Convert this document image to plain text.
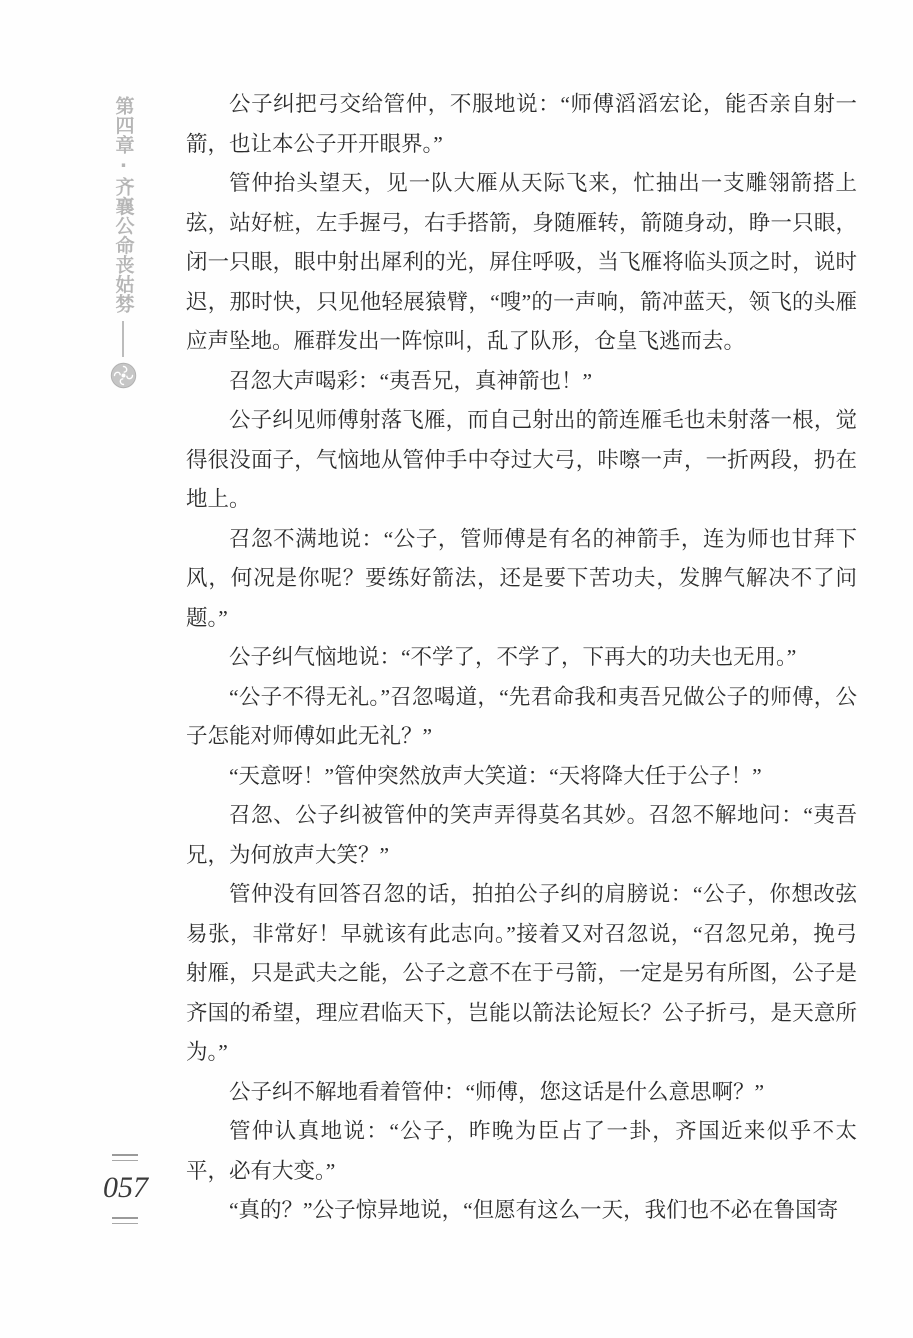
第四章·齐襄公命丧姑棼	公子纠把弓交给管仲，不服地说：“师傅滔滔宏论，能否亲自射一箭，也让本公子开开眼界。”

管仲抬头望天，见一队大雁从天际飞来，忙抽出一支雕翎箭搭上弦，站好桩，左手握弓，右手搭箭，身随雁转，箭随身动，睁一只眼，闭一只眼，眼中射出犀利的光，屏住呼吸，当飞雁将临头顶之时，说时迟，那时快，只见他轻展猿臂，“嗖”的一声响，箭冲蓝天，领飞的头雁应声坠地。雁群发出一阵惊叫，乱了队形，仓皇飞逃而去。

召忽大声喝彩：“夷吾兄，真神箭也！”

公子纠见师傅射落飞雁，而自己射出的箭连雁毛也未射落一根，觉得很没面子，气恼地从管仲手中夺过大弓，咔嚓一声，一折两段，扔在地上。

召忽不满地说：“公子，管师傅是有名的神箭手，连为师也甘拜下风，何况是你呢？要练好箭法，还是要下苦功夫，发脾气解决不了问题。”

公子纠气恼地说：“不学了，不学了，下再大的功夫也无用。”

“公子不得无礼。”召忽喝道，“先君命我和夷吾兄做公子的师傅，公子怎能对师傅如此无礼？”

“天意呀！”管仲突然放声大笑道：“天将降大任于公子！”

召忽、公子纠被管仲的笑声弄得莫名其妙。召忽不解地问：“夷吾兄，为何放声大笑？”

管仲没有回答召忽的话，拍拍公子纠的肩膀说：“公子，你想改弦易张，非常好！早就该有此志向。”接着又对召忽说，“召忽兄弟，挽弓射雁，只是武夫之能，公子之意不在于弓箭，一定是另有所图，公子是齐国的希望，理应君临天下，岂能以箭法论短长？公子折弓，是天意所为。”

公子纠不解地看着管仲：“师傅，您这话是什么意思啊？”

管仲认真地说：“公子，昨晚为臣占了一卦，齐国近来似乎不太平，必有大变。”

“真的？”公子惊异地说，“但愿有这么一天，我们也不必在鲁国寄

057
